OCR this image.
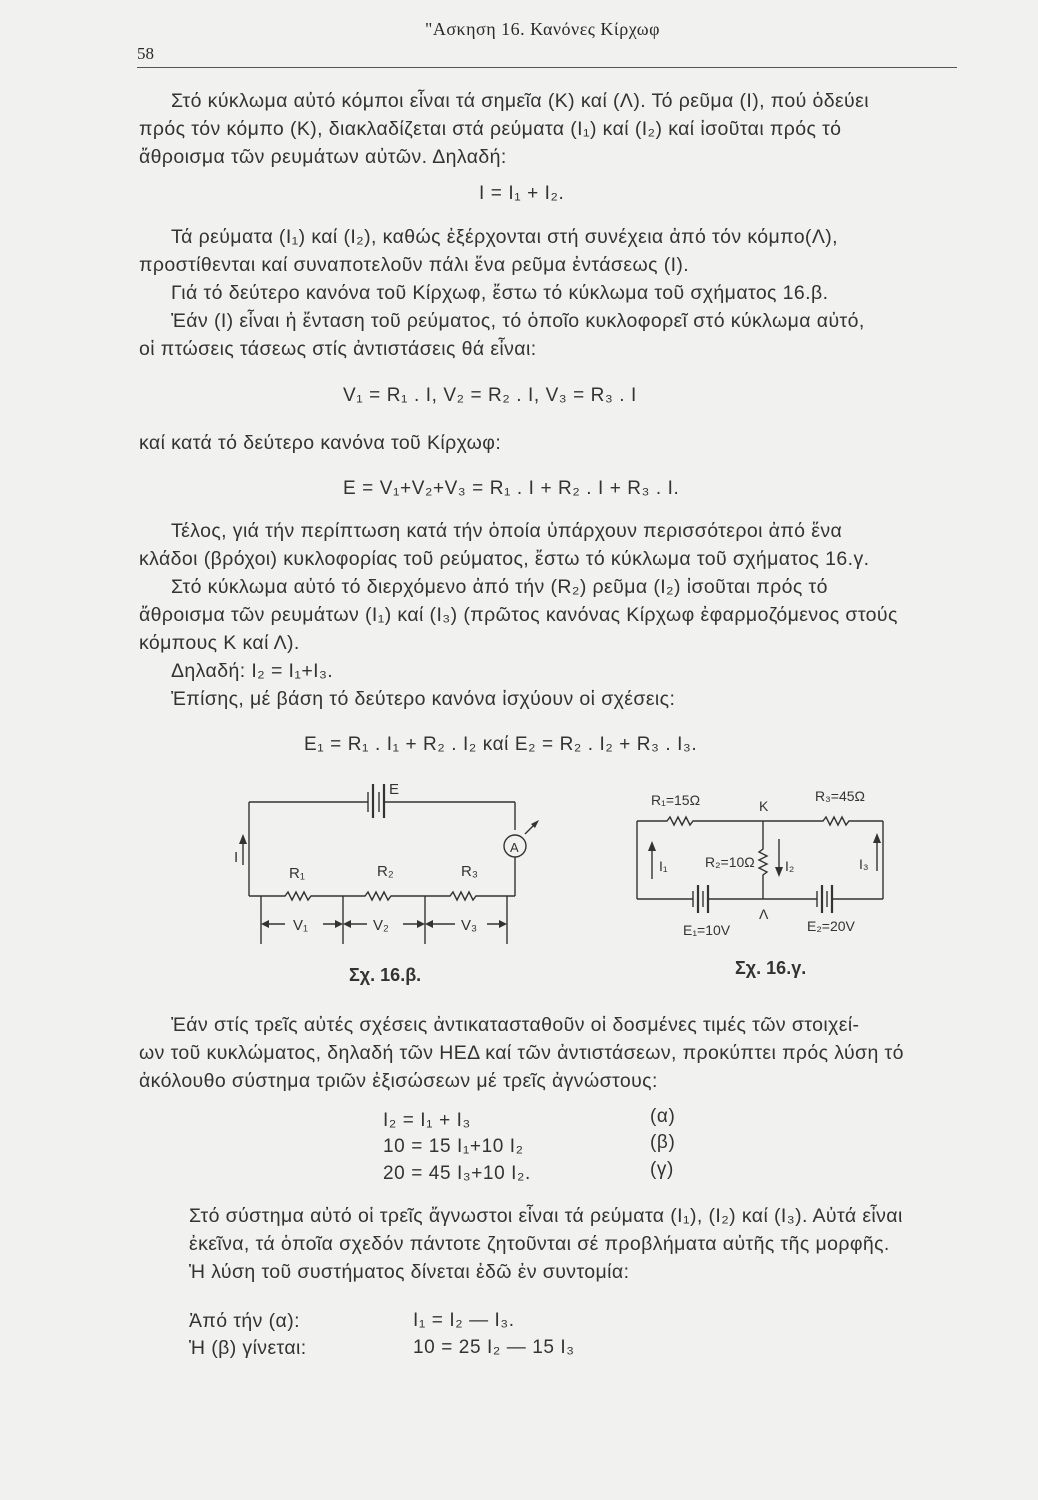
58
"Ασκηση 16. Κανόνες Κίρχωφ
Στό κύκλωμα αὐτό κόμποι εἶναι τά σημεῖα (Κ) καί (Λ). Τό ρεῦμα (Ι), πού ὁδεύει
πρός τόν κόμπο (Κ), διακλαδίζεται στά ρεύματα (Ι₁) καί (Ι₂) καί ἰσοῦται πρός τό
ἄθροισμα τῶν ρευμάτων αὐτῶν. Δηλαδή:
Ι = Ι₁ + Ι₂.
Τά ρεύματα (Ι₁) καί (Ι₂), καθώς ἐξέρχονται στή συνέχεια ἀπό τόν κόμπο(Λ),
προστίθενται καί συναποτελοῦν πάλι ἕνα ρεῦμα ἐντάσεως (Ι).
Γιά τό δεύτερο κανόνα τοῦ Κίρχωφ, ἔστω τό κύκλωμα τοῦ σχήματος 16.β.
Ἐάν (Ι) εἶναι ἡ ἔνταση τοῦ ρεύματος, τό ὁποῖο κυκλοφορεῖ στό κύκλωμα αὐτό,
οἱ πτώσεις τάσεως στίς ἀντιστάσεις θά εἶναι:
V₁ = R₁ . Ι, V₂ = R₂ . Ι, V₃ = R₃ . Ι
καί κατά τό δεύτερο κανόνα τοῦ Κίρχωφ:
Ε = V₁+V₂+V₃ = R₁ . Ι + R₂ . Ι + R₃ . Ι.
Τέλος, γιά τήν περίπτωση κατά τήν ὁποία ὑπάρχουν περισσότεροι ἀπό ἕνα
κλάδοι (βρόχοι) κυκλοφορίας τοῦ ρεύματος, ἔστω τό κύκλωμα τοῦ σχήματος 16.γ.
Στό κύκλωμα αὐτό τό διερχόμενο ἀπό τήν (R₂) ρεῦμα (Ι₂) ἰσοῦται πρός τό
ἄθροισμα τῶν ρευμάτων (Ι₁) καί (Ι₃) (πρῶτος κανόνας Κίρχωφ ἐφαρμοζόμενος στούς
κόμπους Κ καί Λ).
Δηλαδή: Ι₂ = Ι₁+Ι₃.
Ἐπίσης, μέ βάση τό δεύτερο κανόνα ἰσχύουν οἱ σχέσεις:
Ε₁ = R₁ . Ι₁ + R₂ . Ι₂ καί Ε₂ = R₂ . Ι₂ + R₃ . Ι₃.
Ε
Ι
A
R₁	R₂	R₃
V₁	V₂	V₃
Σχ. 16.β.
R₁=15Ω	R₃=45Ω
Κ
R₂=10Ω
Ι₁	Ι₂	Ι₃
Λ
Ε₁=10V	Ε₂=20V
Σχ. 16.γ.
Ἐάν στίς τρεῖς αὐτές σχέσεις ἀντικατασταθοῦν οἱ δοσμένες τιμές τῶν στοιχεί-
ων τοῦ κυκλώματος, δηλαδή τῶν ΗΕΔ καί τῶν ἀντιστάσεων, προκύπτει πρός λύση τό
ἀκόλουθο σύστημα τριῶν ἐξισώσεων μέ τρεῖς ἀγνώστους:
Ι₂ = Ι₁ + Ι₃	(α)
10 = 15 Ι₁+10 Ι₂	(β)
20 = 45 Ι₃+10 Ι₂.	(γ)
Στό σύστημα αὐτό οἱ τρεῖς ἄγνωστοι εἶναι τά ρεύματα (Ι₁), (Ι₂) καί (Ι₃). Αὐτά εἶναι
ἐκεῖνα, τά ὁποῖα σχεδόν πάντοτε ζητοῦνται σέ προβλήματα αὐτῆς τῆς μορφῆς.
Ἡ λύση τοῦ συστήματος δίνεται ἐδῶ ἐν συντομία:
Ἀπό τήν (α):	Ι₁ = Ι₂ — Ι₃.
Ἡ (β) γίνεται:	10 = 25 Ι₂ — 15 Ι₃
